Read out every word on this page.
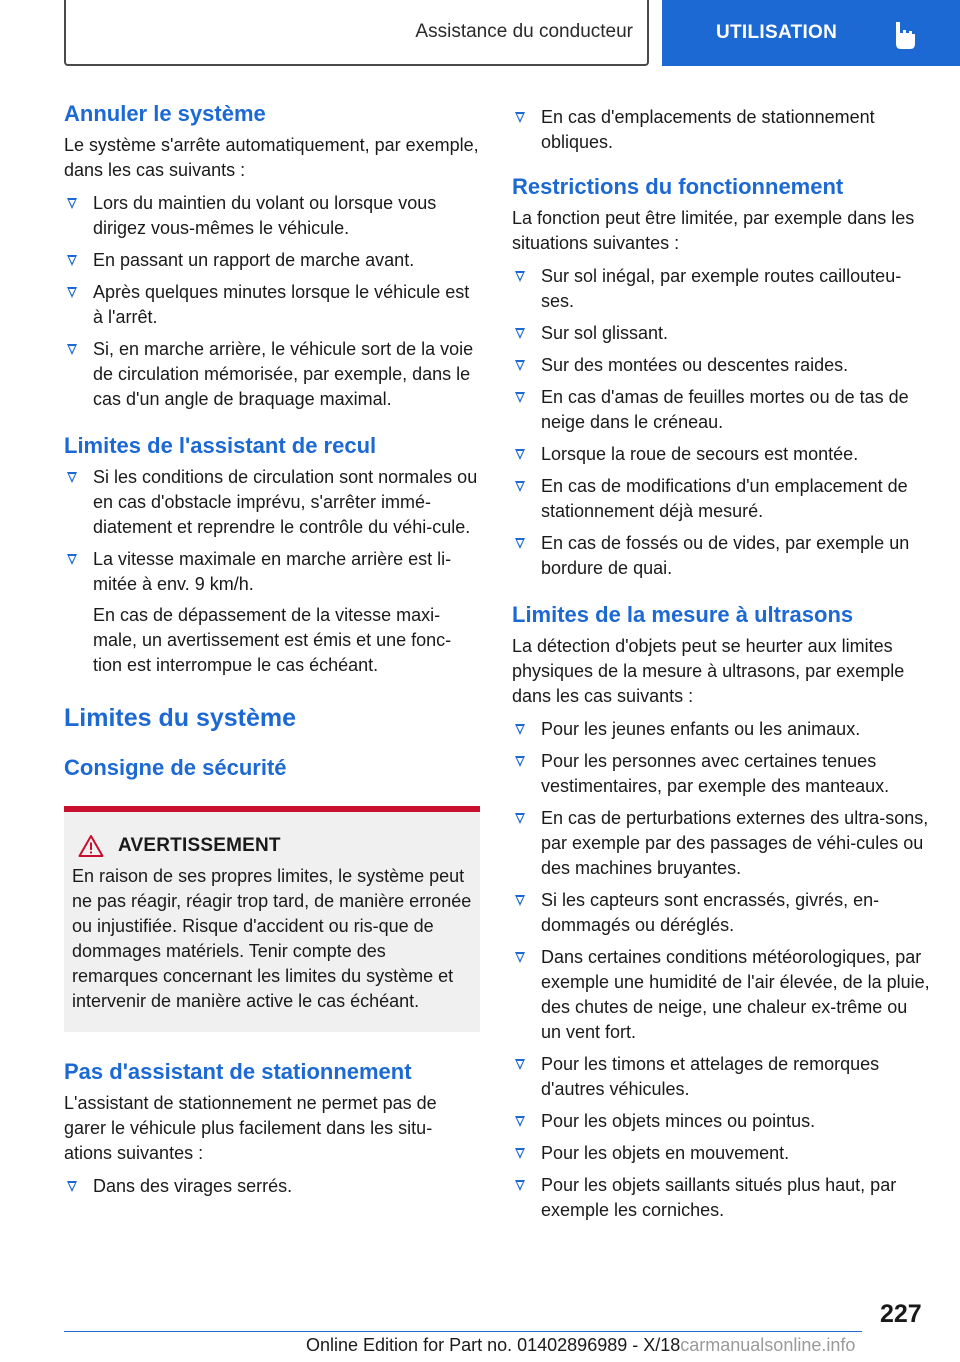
Assistance du conducteur	UTILISATION
Annuler le système

Le système s'arrête automatiquement, par exemple, dans les cas suivants :

Lors du maintien du volant ou lorsque vous dirigez vous-mêmes le véhicule.
En passant un rapport de marche avant.
Après quelques minutes lorsque le véhicule est à l'arrêt.
Si, en marche arrière, le véhicule sort de la voie de circulation mémorisée, par exemple, dans le cas d'un angle de braquage maximal.
Limites de l'assistant de recul
Si les conditions de circulation sont normales ou en cas d'obstacle imprévu, s'arrêter immé-diatement et reprendre le contrôle du véhi-cule.
La vitesse maximale en marche arrière est li-mitée à env. 9 km/h.
En cas de dépassement de la vitesse maxi-male, un avertissement est émis et une fonc-tion est interrompue le cas échéant.
Limites du système
Consigne de sécurité
AVERTISSEMENT

En raison de ses propres limites, le système peut ne pas réagir, réagir trop tard, de manière erronée ou injustifiée. Risque d'accident ou ris-que de dommages matériels. Tenir compte des remarques concernant les limites du système et intervenir de manière active le cas échéant.

Pas d'assistant de stationnement

L'assistant de stationnement ne permet pas de garer le véhicule plus facilement dans les situ-ations suivantes :

Dans des virages serrés.
En cas d'emplacements de stationnement obliques.
Restrictions du fonctionnement

La fonction peut être limitée, par exemple dans les situations suivantes :

Sur sol inégal, par exemple routes caillouteu-ses.
Sur sol glissant.
Sur des montées ou descentes raides.
En cas d'amas de feuilles mortes ou de tas de neige dans le créneau.
Lorsque la roue de secours est montée.
En cas de modifications d'un emplacement de stationnement déjà mesuré.
En cas de fossés ou de vides, par exemple un bordure de quai.
Limites de la mesure à ultrasons

La détection d'objets peut se heurter aux limites physiques de la mesure à ultrasons, par exemple dans les cas suivants :

Pour les jeunes enfants ou les animaux.
Pour les personnes avec certaines tenues vestimentaires, par exemple des manteaux.
En cas de perturbations externes des ultra-sons, par exemple par des passages de véhi-cules ou des machines bruyantes.
Si les capteurs sont encrassés, givrés, en-dommagés ou déréglés.
Dans certaines conditions météorologiques, par exemple une humidité de l'air élevée, de la pluie, des chutes de neige, une chaleur ex-trême ou un vent fort.
Pour les timons et attelages de remorques d'autres véhicules.
Pour les objets minces ou pointus.
Pour les objets en mouvement.
Pour les objets saillants situés plus haut, par exemple les corniches.
227
Online Edition for Part no. 01402896989 - X/18carmanualsonline.info
